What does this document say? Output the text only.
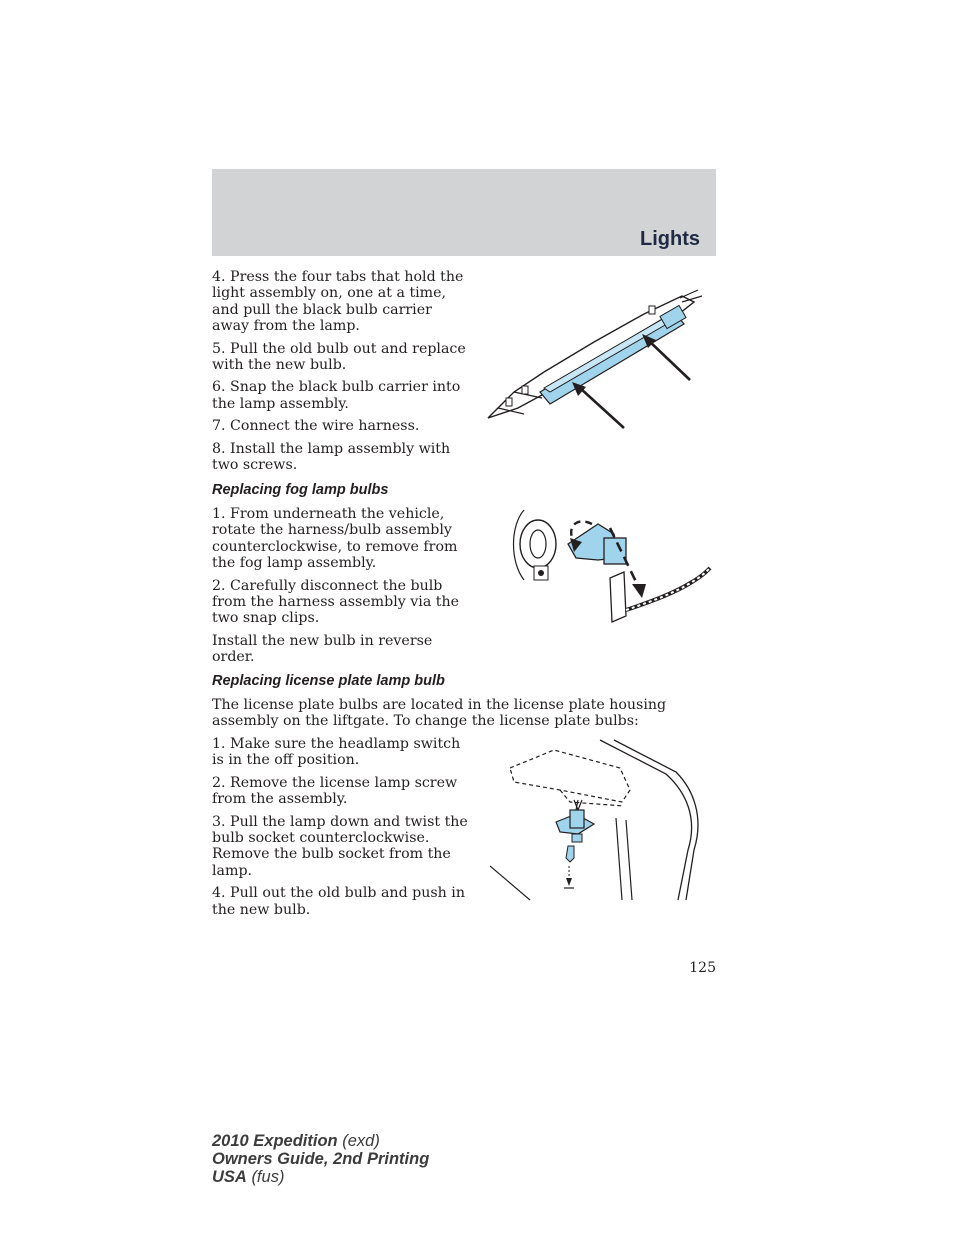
Lights

4. Press the four tabs that hold the light assembly on, one at a time, and pull the black bulb carrier away from the lamp.

5. Pull the old bulb out and replace with the new bulb.

6. Snap the black bulb carrier into the lamp assembly.

7. Connect the wire harness.

8. Install the lamp assembly with two screws.

Replacing fog lamp bulbs

1. From underneath the vehicle, rotate the harness/bulb assembly counterclockwise, to remove from the fog lamp assembly.

2. Carefully disconnect the bulb from the harness assembly via the two snap clips.

Install the new bulb in reverse order.

Replacing license plate lamp bulb

The license plate bulbs are located in the license plate housing assembly on the liftgate. To change the license plate bulbs:

1. Make sure the headlamp switch is in the off position.

2. Remove the license lamp screw from the assembly.

3. Pull the lamp down and twist the bulb socket counterclockwise. Remove the bulb socket from the lamp.

4. Pull out the old bulb and push in the new bulb.

125
2010 Expedition (exd)
Owners Guide, 2nd Printing
USA (fus)
